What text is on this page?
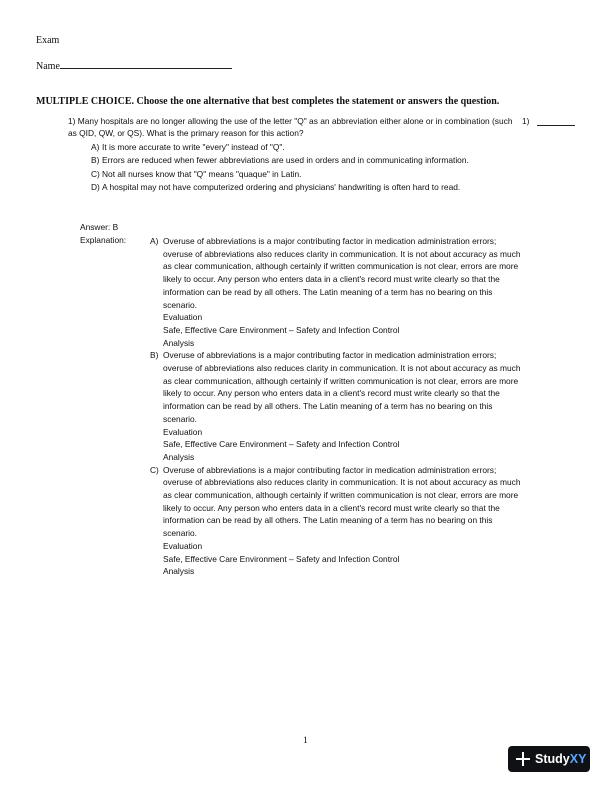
Exam
Name
MULTIPLE CHOICE. Choose the one alternative that best completes the statement or answers the question.
1) Many hospitals are no longer allowing the use of the letter "Q" as an abbreviation either alone or in combination (such as QID, QW, or QS). What is the primary reason for this action?
1)
A) It is more accurate to write "every" instead of "Q".
B) Errors are reduced when fewer abbreviations are used in orders and in communicating information.
C) Not all nurses know that "Q" means "quaque" in Latin.
D) A hospital may not have computerized ordering and physicians' handwriting is often hard to read.
Answer: B
Explanation:	A) Overuse of abbreviations is a major contributing factor in medication administration errors; overuse of abbreviations also reduces clarity in communication. It is not about accuracy as much as clear communication, although certainly if written communication is not clear, errors are more likely to occur. Any person who enters data in a client's record must write clearly so that the information can be read by all others. The Latin meaning of a term has no bearing on this scenario.

Evaluation

Safe, Effective Care Environment – Safety and Infection Control

Analysis

B) Overuse of abbreviations is a major contributing factor in medication administration errors; overuse of abbreviations also reduces clarity in communication. It is not about accuracy as much as clear communication, although certainly if written communication is not clear, errors are more likely to occur. Any person who enters data in a client's record must write clearly so that the information can be read by all others. The Latin meaning of a term has no bearing on this scenario.

Evaluation

Safe, Effective Care Environment – Safety and Infection Control

Analysis

C) Overuse of abbreviations is a major contributing factor in medication administration errors; overuse of abbreviations also reduces clarity in communication. It is not about accuracy as much as clear communication, although certainly if written communication is not clear, errors are more likely to occur. Any person who enters data in a client's record must write clearly so that the information can be read by all others. The Latin meaning of a term has no bearing on this scenario.

Evaluation

Safe, Effective Care Environment – Safety and Infection Control

Analysis

1
StudyXY
